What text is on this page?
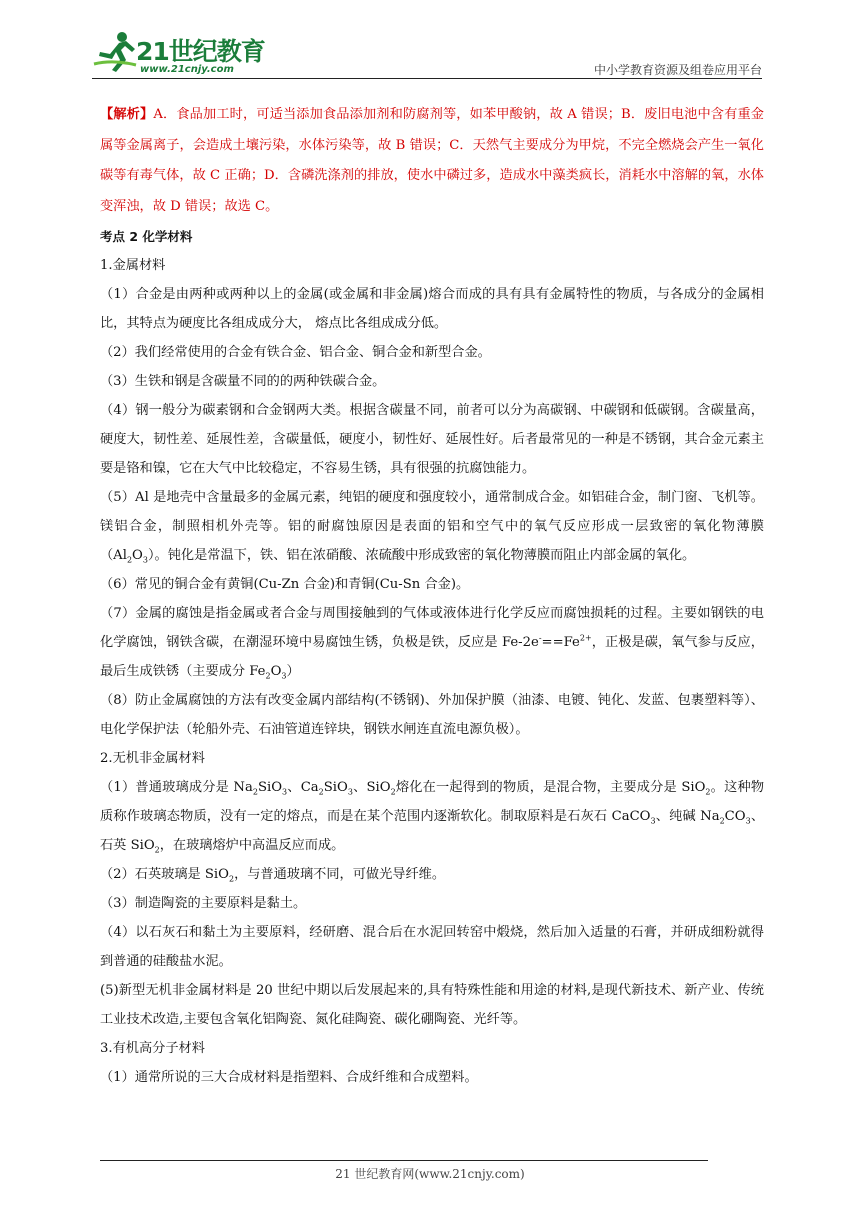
21世纪教育
www.21cnjy.com	中小学教育资源及组卷应用平台

【解析】A．食品加工时，可适当添加食品添加剂和防腐剂等，如苯甲酸钠，故 A 错误；B．废旧电池中含有重金属等金属离子，会造成土壤污染，水体污染等，故 B 错误；C．天然气主要成分为甲烷，不完全燃烧会产生一氧化碳等有毒气体，故 C 正确；D．含磷洗涤剂的排放，使水中磷过多，造成水中藻类疯长，消耗水中溶解的氧，水体变浑浊，故 D 错误；故选 C。

考点 2 化学材料

1.金属材料

（1）合金是由两种或两种以上的金属(或金属和非金属)熔合而成的具有具有金属特性的物质，与各成分的金属相比，其特点为硬度比各组成成分大， 熔点比各组成成分低。

（2）我们经常使用的合金有铁合金、铝合金、铜合金和新型合金。

（3）生铁和钢是含碳量不同的的两种铁碳合金。

（4）钢一般分为碳素钢和合金钢两大类。根据含碳量不同，前者可以分为高碳钢、中碳钢和低碳钢。含碳量高，硬度大，韧性差、延展性差，含碳量低，硬度小，韧性好、延展性好。后者最常见的一种是不锈钢，其合金元素主要是铬和镍，它在大气中比较稳定，不容易生锈，具有很强的抗腐蚀能力。

（5）Al 是地壳中含量最多的金属元素，纯铝的硬度和强度较小，通常制成合金。如铝硅合金，制门窗、飞机等。镁铝合金，制照相机外壳等。铝的耐腐蚀原因是表面的铝和空气中的氧气反应形成一层致密的氧化物薄膜$(Al_2O_3)$。钝化是常温下，铁、铝在浓硝酸、浓硫酸中形成致密的氧化物薄膜而阻止内部金属的氧化。

（6）常见的铜合金有黄铜(Cu-Zn 合金)和青铜(Cu-Sn 合金)。

（7）金属的腐蚀是指金属或者合金与周围接触到的气体或液体进行化学反应而腐蚀损耗的过程。主要如钢铁的电化学腐蚀，钢铁含碳，在潮湿环境中易腐蚀生锈，负极是铁，反应是 $Fe-2e^-==Fe^{2+}$，正极是碳，氧气参与反应，最后生成铁锈（主要成分 $Fe_2O_3$）

（8）防止金属腐蚀的方法有改变金属内部结构(不锈钢)、外加保护膜（油漆、电镀、钝化、发蓝、包裹塑料等）、电化学保护法（轮船外壳、石油管道连锌块，钢铁水闸连直流电源负极）。

2.无机非金属材料

（1）普通玻璃成分是 $Na_2SiO_3$、$Ca_2SiO_3$、SiO$_2$熔化在一起得到的物质，是混合物，主要成分是 SiO$_2$。这种物质称作玻璃态物质，没有一定的熔点，而是在某个范围内逐渐软化。制取原料是石灰石 CaCO$_3$、纯碱 $Na_2CO_3$、石英 SiO$_2$，在玻璃熔炉中高温反应而成。

（2）石英玻璃是 SiO$_2$，与普通玻璃不同，可做光导纤维。

（3）制造陶瓷的主要原料是黏土。

（4）以石灰石和黏土为主要原料，经研磨、混合后在水泥回转窑中煅烧，然后加入适量的石膏，并研成细粉就得到普通的硅酸盐水泥。

(5)新型无机非金属材料是 20 世纪中期以后发展起来的,具有特殊性能和用途的材料,是现代新技术、新产业、传统工业技术改造,主要包含氧化铝陶瓷、氮化硅陶瓷、碳化硼陶瓷、光纤等。

3.有机高分子材料

（1）通常所说的三大合成材料是指塑料、合成纤维和合成塑料。

21 世纪教育网(www.21cnjy.com)
